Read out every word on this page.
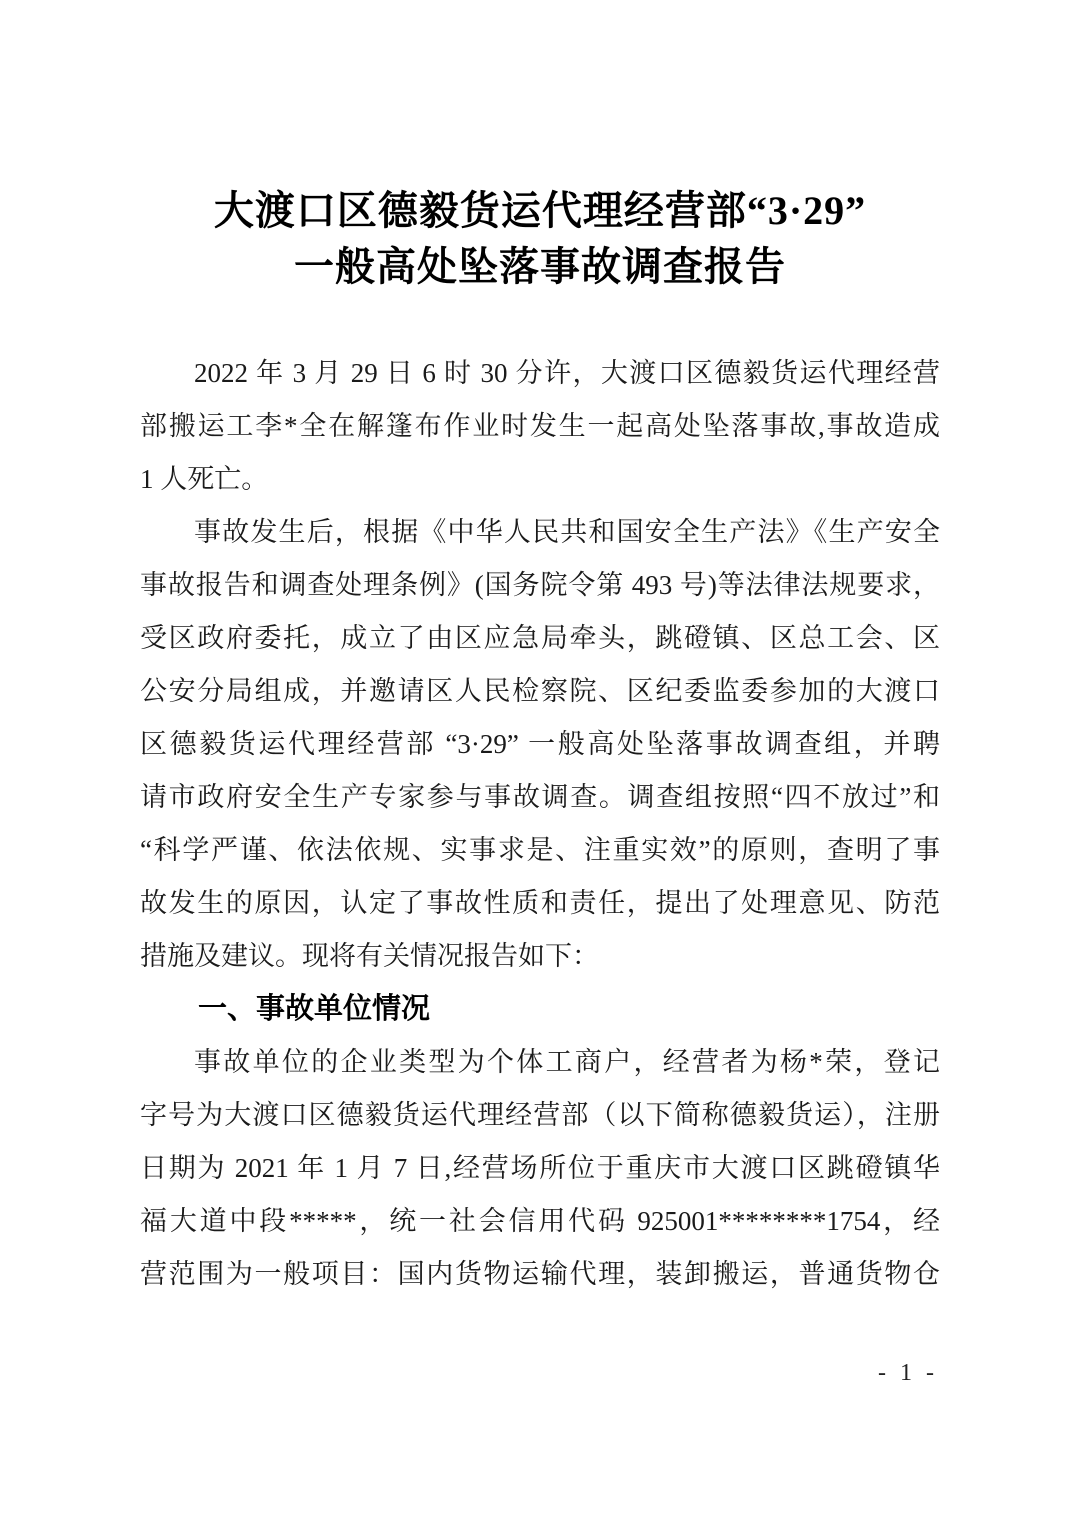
大渡口区德毅货运代理经营部“3·29”
一般高处坠落事故调查报告
2022 年 3 月 29 日 6 时 30 分许，大渡口区德毅货运代理经营
部搬运工李*全在解篷布作业时发生一起高处坠落事故,事故造成
1 人死亡。
事故发生后，根据《中华人民共和国安全生产法》《生产安全
事故报告和调查处理条例》(国务院令第 493 号)等法律法规要求，
受区政府委托，成立了由区应急局牵头，跳磴镇、区总工会、区
公安分局组成，并邀请区人民检察院、区纪委监委参加的大渡口
区德毅货运代理经营部 “3·29” 一般高处坠落事故调查组，并聘
请市政府安全生产专家参与事故调查。调查组按照“四不放过”和
“科学严谨、依法依规、实事求是、注重实效”的原则，查明了事
故发生的原因，认定了事故性质和责任，提出了处理意见、防范
措施及建议。现将有关情况报告如下：
一、事故单位情况
事故单位的企业类型为个体工商户，经营者为杨*荣，登记
字号为大渡口区德毅货运代理经营部（以下简称德毅货运），注册
日期为 2021 年 1 月 7 日,经营场所位于重庆市大渡口区跳磴镇华
福大道中段*****，统一社会信用代码 925001********1754，经
营范围为一般项目：国内货物运输代理，装卸搬运，普通货物仓
- 1 -
